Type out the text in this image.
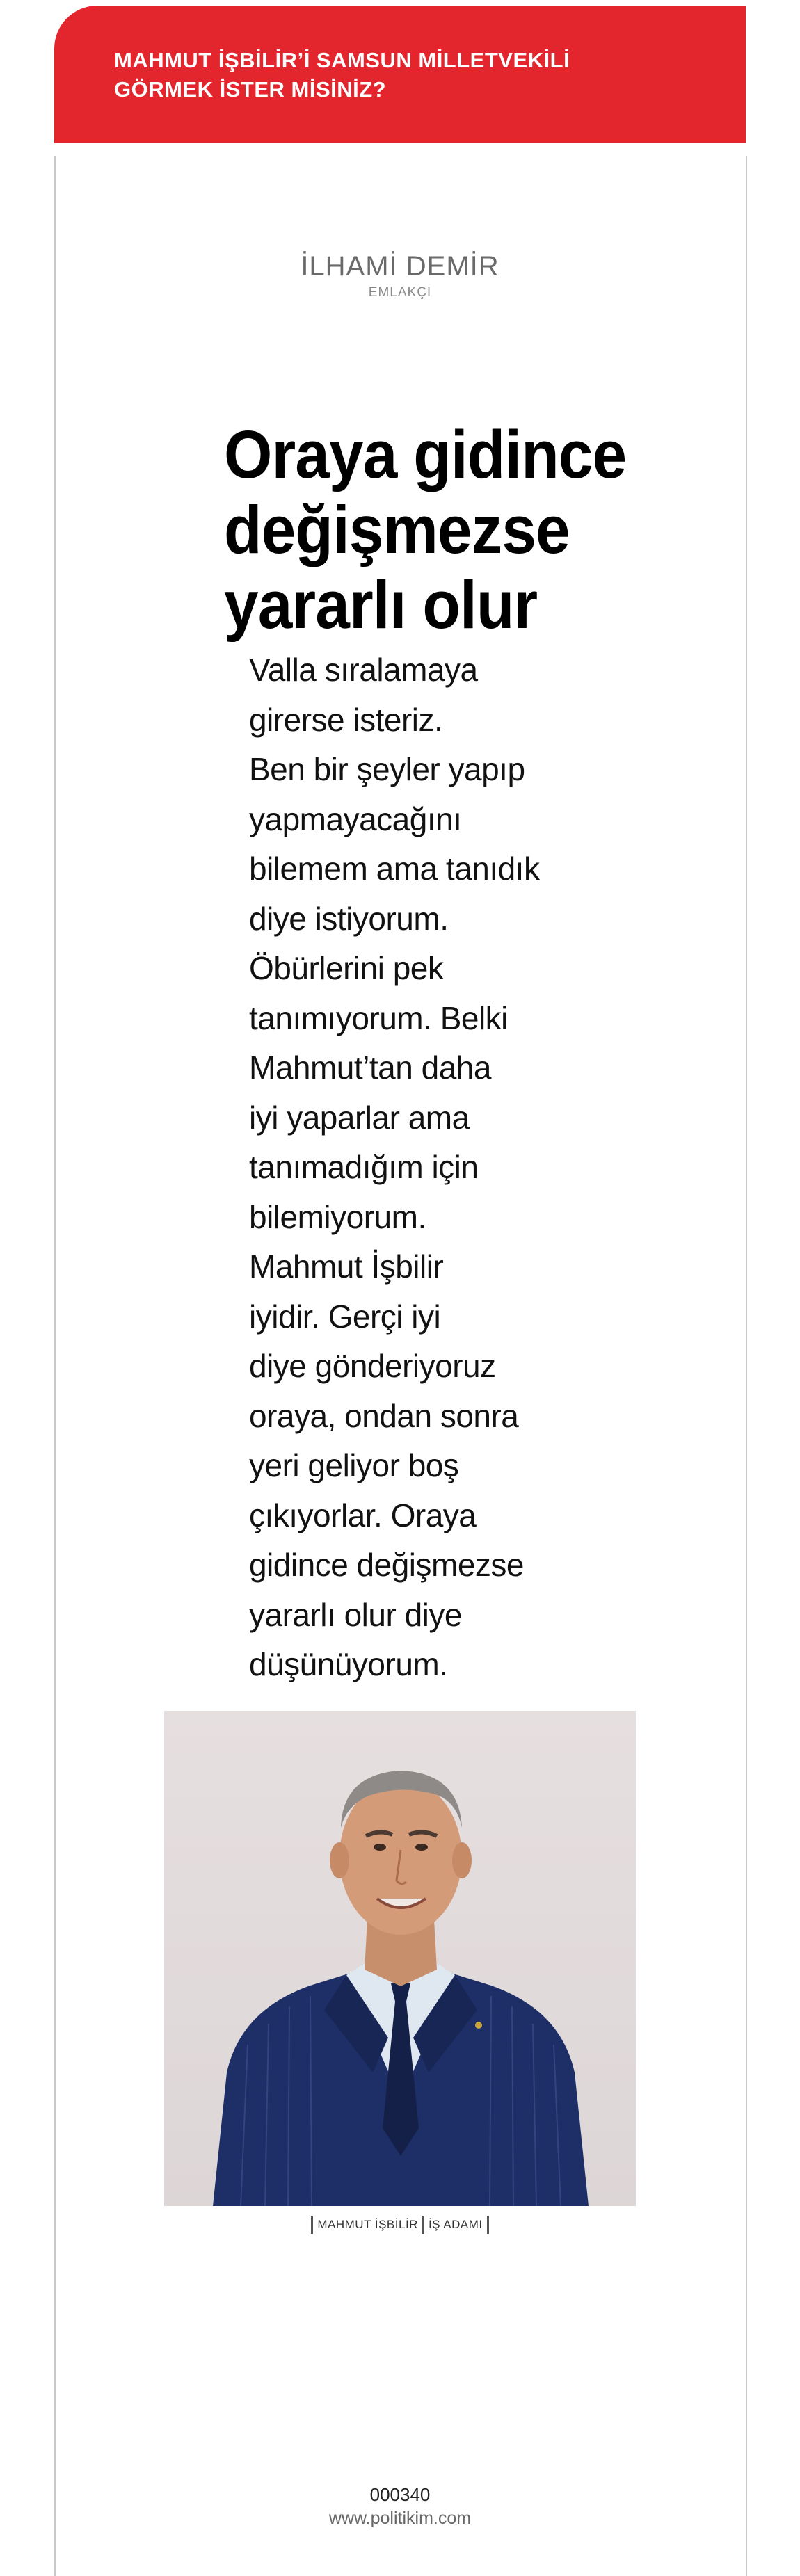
MAHMUT İŞBİLİR’İ SAMSUN MİLLETVEKİLİ
GÖRMEK İSTER MİSİNİZ?
İLHAMİ DEMİR
EMLAKÇI
Oraya gidince
değişmezse
yararlı olur
Valla sıralamaya
girerse isteriz.
Ben bir şeyler yapıp
yapmayacağını
bilemem ama tanıdık
diye istiyorum.
Öbürlerini pek
tanımıyorum. Belki
Mahmut’tan daha
iyi yaparlar ama
tanımadığım için
bilemiyorum.
Mahmut İşbilir
iyidir. Gerçi iyi
diye gönderiyoruz
oraya, ondan sonra
yeri geliyor boş
çıkıyorlar. Oraya
gidince değişmezse
yararlı olur diye
düşünüyorum.
MAHMUT İŞBİLİR İŞ ADAMI
000340
www.politikim.com
